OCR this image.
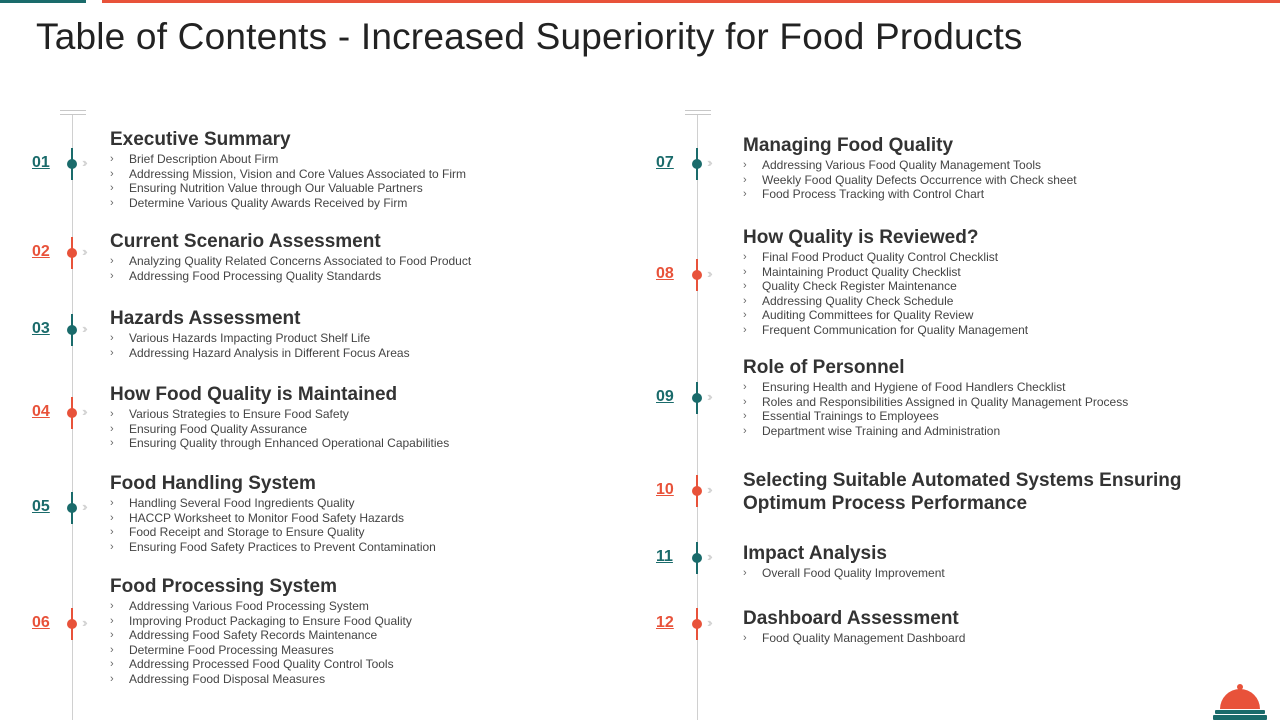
Table of Contents - Increased Superiority for Food Products
01 ››
Executive Summary
› Brief Description About Firm
› Addressing Mission, Vision and Core Values Associated to Firm
› Ensuring Nutrition Value through Our Valuable Partners
› Determine Various Quality Awards Received by Firm
02 ›› Current Scenario Assessment
› Analyzing Quality Related Concerns Associated to Food Product
› Addressing Food Processing Quality Standards
03 ›› Hazards Assessment
› Various Hazards Impacting Product Shelf Life
› Addressing Hazard Analysis in Different Focus Areas
04 ››
How Food Quality is Maintained
› Various Strategies to Ensure Food Safety
› Ensuring Food Quality Assurance
› Ensuring Quality through Enhanced Operational Capabilities
05 ››
Food Handling System
› Handling Several Food Ingredients Quality
› HACCP Worksheet to Monitor Food Safety Hazards
› Food Receipt and Storage to Ensure Quality
› Ensuring Food Safety Practices to Prevent Contamination
06 ››
Food Processing System
› Addressing Various Food Processing System
› Improving Product Packaging to Ensure Food Quality
› Addressing Food Safety Records Maintenance
› Determine Food Processing Measures
› Addressing Processed Food Quality Control Tools
› Addressing Food Disposal Measures
07	››
Managing Food Quality
› Addressing Various Food Quality Management Tools
› Weekly Food Quality Defects Occurrence with Check sheet
› Food Process Tracking with Control Chart
08	››
How Quality is Reviewed?
› Final Food Product Quality Control Checklist
› Maintaining Product Quality Checklist
› Quality Check Register Maintenance
› Addressing Quality Check Schedule
› Auditing Committees for Quality Review
› Frequent Communication for Quality Management
09	››
Role of Personnel
› Ensuring Health and Hygiene of Food Handlers Checklist
› Roles and Responsibilities Assigned in Quality Management Process
› Essential Trainings to Employees
› Department wise Training and Administration
10	›› Selecting Suitable Automated Systems Ensuring Optimum Process Performance
11	›› Impact Analysis
› Overall Food Quality Improvement
12	›› Dashboard Assessment
› Food Quality Management Dashboard
